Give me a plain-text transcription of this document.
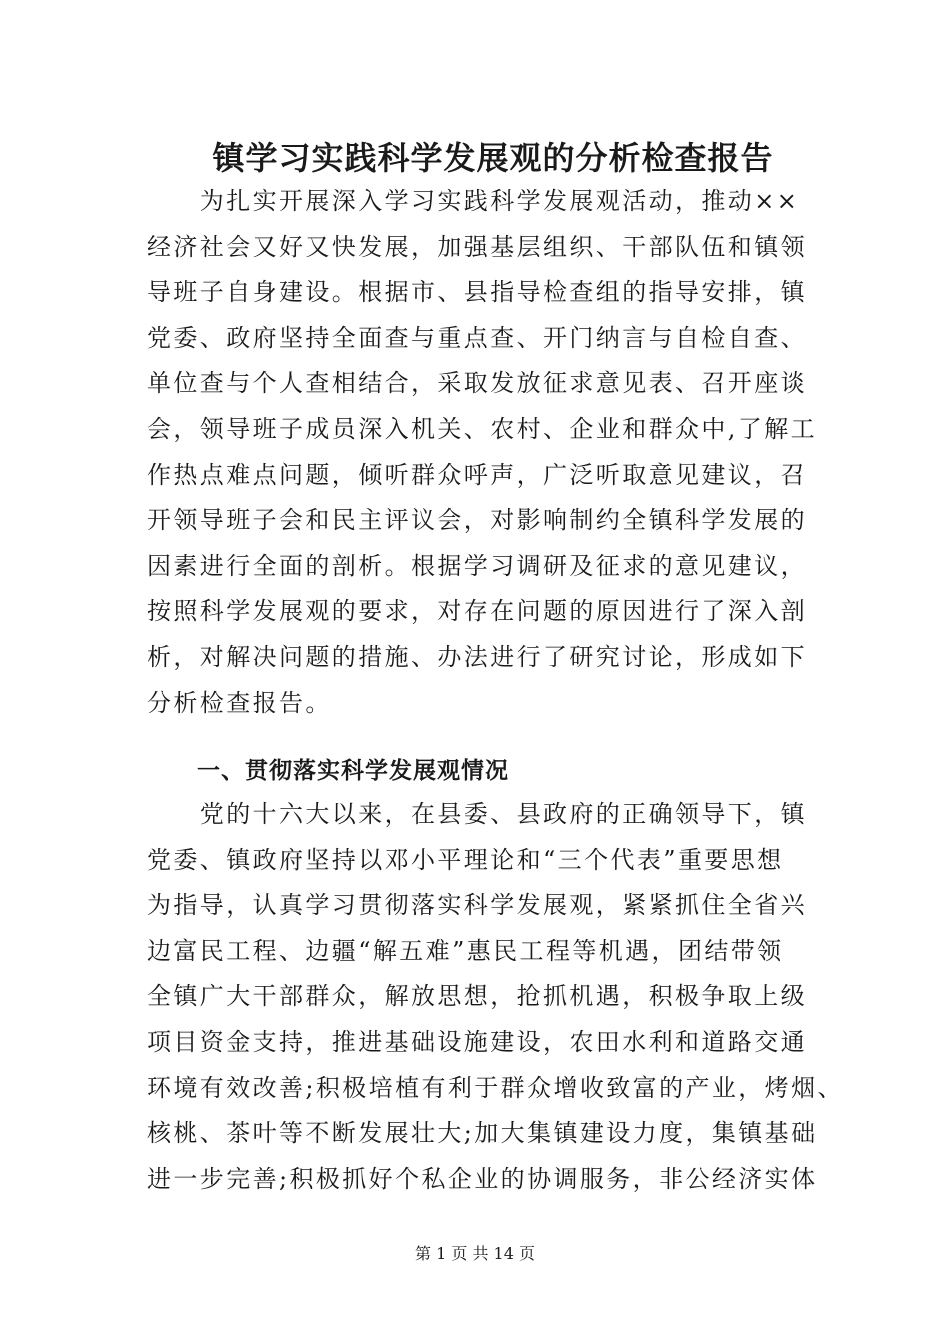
镇学习实践科学发展观的分析检查报告
　　为扎实开展深入学习实践科学发展观活动，推动××
经济社会又好又快发展，加强基层组织、干部队伍和镇领
导班子自身建设。根据市、县指导检查组的指导安排，镇
党委、政府坚持全面查与重点查、开门纳言与自检自查、
单位查与个人查相结合，采取发放征求意见表、召开座谈
会，领导班子成员深入机关、农村、企业和群众中,了解工
作热点难点问题，倾听群众呼声，广泛听取意见建议，召
开领导班子会和民主评议会，对影响制约全镇科学发展的
因素进行全面的剖析。根据学习调研及征求的意见建议，
按照科学发展观的要求，对存在问题的原因进行了深入剖
析，对解决问题的措施、办法进行了研究讨论，形成如下
分析检查报告。
一、贯彻落实科学发展观情况
　　党的十六大以来，在县委、县政府的正确领导下，镇
党委、镇政府坚持以邓小平理论和“三个代表”重要思想
为指导，认真学习贯彻落实科学发展观，紧紧抓住全省兴
边富民工程、边疆“解五难”惠民工程等机遇，团结带领
全镇广大干部群众，解放思想，抢抓机遇，积极争取上级
项目资金支持，推进基础设施建设，农田水利和道路交通
环境有效改善;积极培植有利于群众增收致富的产业，烤烟、
核桃、茶叶等不断发展壮大;加大集镇建设力度，集镇基础
进一步完善;积极抓好个私企业的协调服务，非公经济实体
第 1 页 共 14 页
